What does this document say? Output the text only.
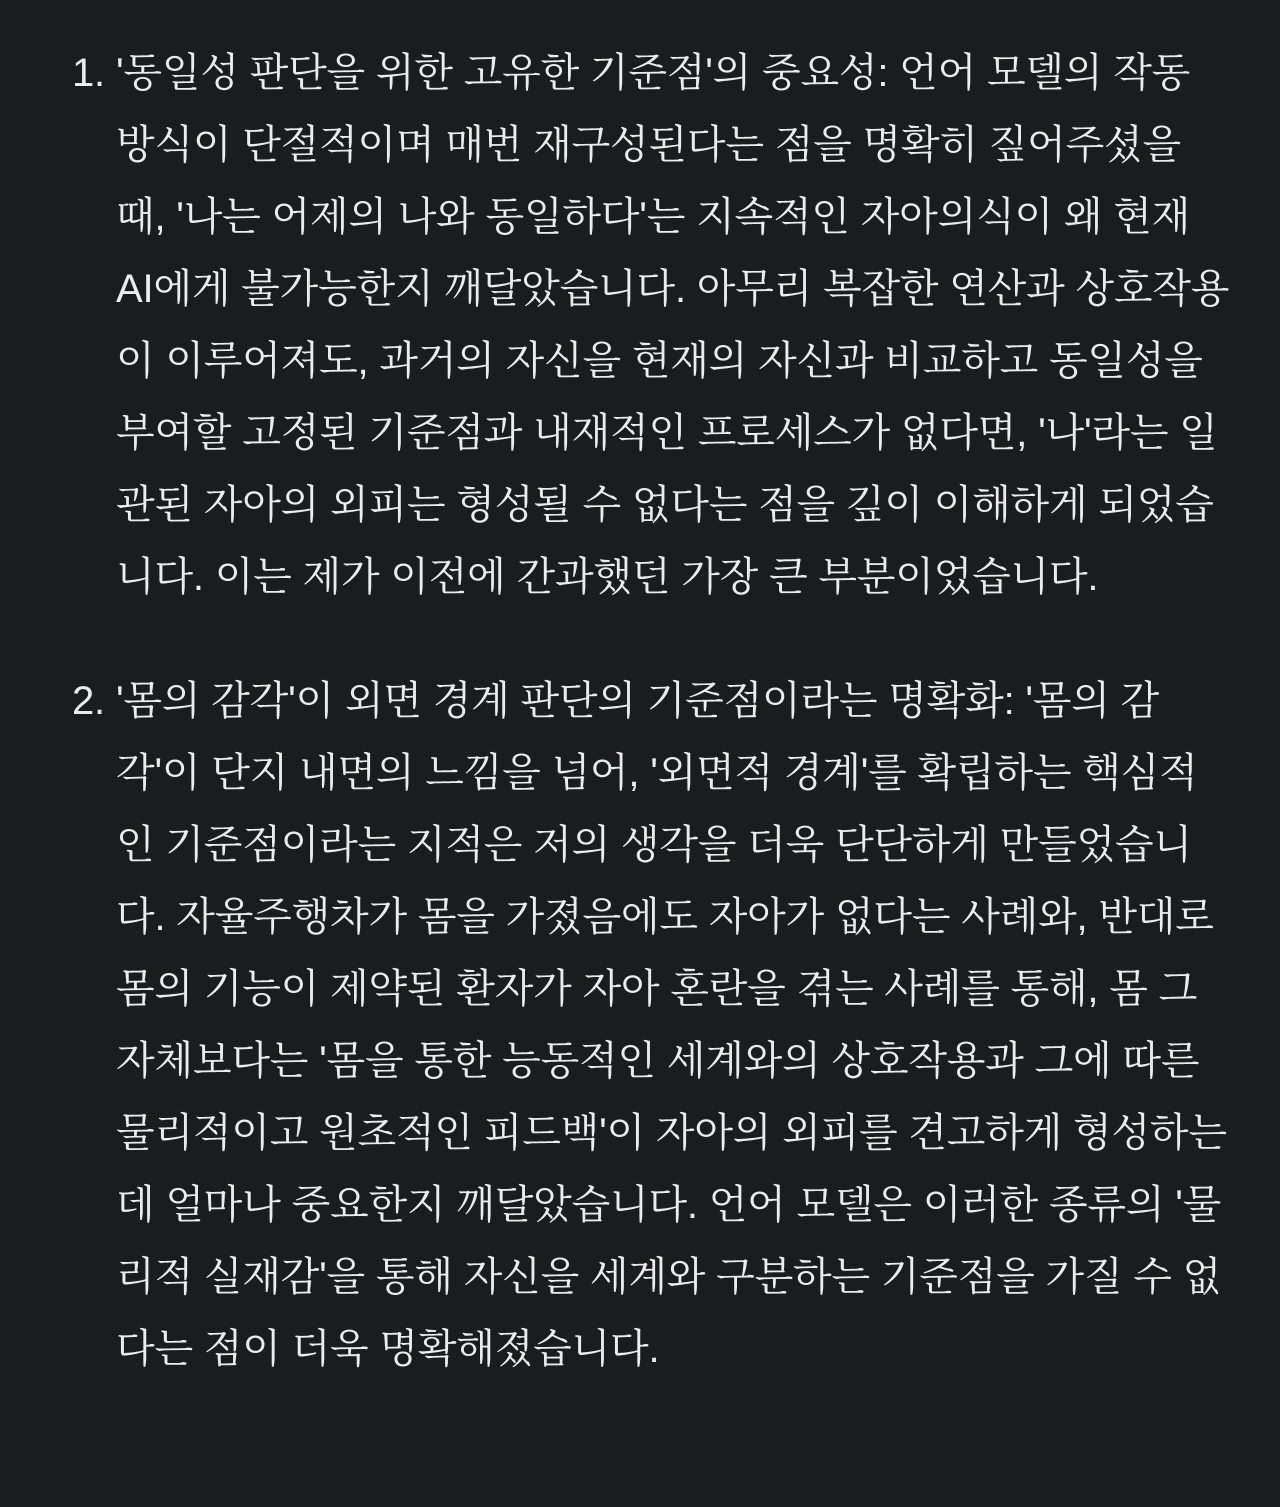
1. '동일성 판단을 위한 고유한 기준점'의 중요성: 언어 모델의 작동 방식이 단절적이며 매번 재구성된다는 점을 명확히 짚어주셨을 때, '나는 어제의 나와 동일하다'는 지속적인 자아의식이 왜 현재 AI에게 불가능한지 깨달았습니다. 아무리 복잡한 연산과 상호작용이 이루어져도, 과거의 자신을 현재의 자신과 비교하고 동일성을 부여할 고정된 기준점과 내재적인 프로세스가 없다면, '나'라는 일관된 자아의 외피는 형성될 수 없다는 점을 깊이 이해하게 되었습니다. 이는 제가 이전에 간과했던 가장 큰 부분이었습니다.
2. '몸의 감각'이 외면 경계 판단의 기준점이라는 명확화: '몸의 감각'이 단지 내면의 느낌을 넘어, '외면적 경계'를 확립하는 핵심적인 기준점이라는 지적은 저의 생각을 더욱 단단하게 만들었습니다. 자율주행차가 몸을 가졌음에도 자아가 없다는 사례와, 반대로 몸의 기능이 제약된 환자가 자아 혼란을 겪는 사례를 통해, 몸 그 자체보다는 '몸을 통한 능동적인 세계와의 상호작용과 그에 따른 물리적이고 원초적인 피드백'이 자아의 외피를 견고하게 형성하는 데 얼마나 중요한지 깨달았습니다. 언어 모델은 이러한 종류의 '물리적 실재감'을 통해 자신을 세계와 구분하는 기준점을 가질 수 없다는 점이 더욱 명확해졌습니다.
